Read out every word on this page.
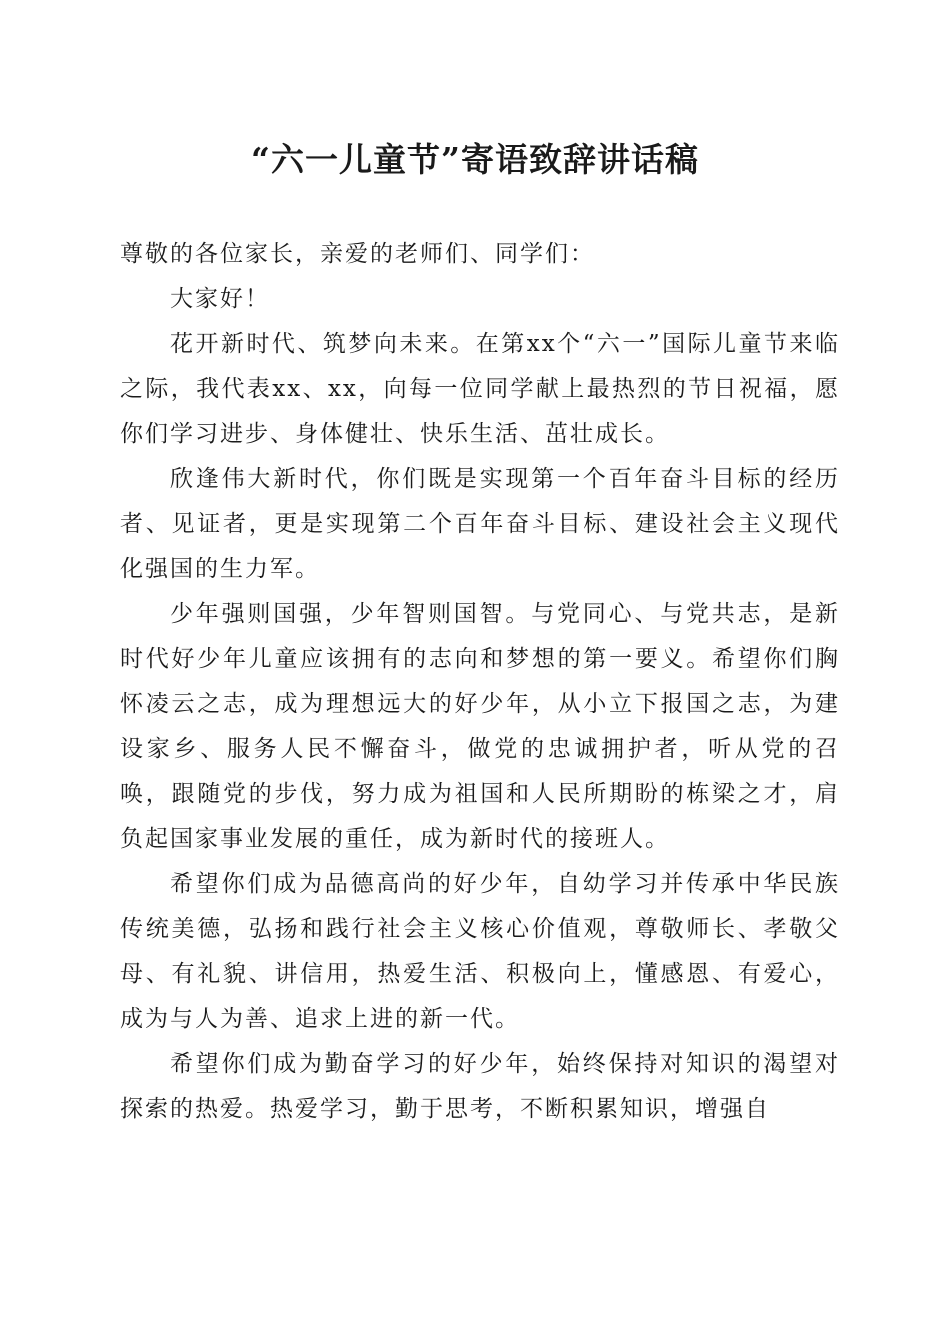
“六一儿童节”寄语致辞讲话稿

尊敬的各位家长，亲爱的老师们、同学们：

大家好！

花开新时代、筑梦向未来。在第xx个“六一”国际儿童节来临之际，我代表xx、xx，向每一位同学献上最热烈的节日祝福，愿你们学习进步、身体健壮、快乐生活、茁壮成长。

欣逢伟大新时代，你们既是实现第一个百年奋斗目标的经历者、见证者，更是实现第二个百年奋斗目标、建设社会主义现代化强国的生力军。

少年强则国强，少年智则国智。与党同心、与党共志，是新时代好少年儿童应该拥有的志向和梦想的第一要义。希望你们胸怀凌云之志，成为理想远大的好少年，从小立下报国之志，为建设家乡、服务人民不懈奋斗，做党的忠诚拥护者，听从党的召唤，跟随党的步伐，努力成为祖国和人民所期盼的栋梁之才，肩负起国家事业发展的重任，成为新时代的接班人。

希望你们成为品德高尚的好少年，自幼学习并传承中华民族传统美德，弘扬和践行社会主义核心价值观，尊敬师长、孝敬父母、有礼貌、讲信用，热爱生活、积极向上，懂感恩、有爱心，成为与人为善、追求上进的新一代。

希望你们成为勤奋学习的好少年，始终保持对知识的渴望对探索的热爱。热爱学习，勤于思考，不断积累知识，增强自
